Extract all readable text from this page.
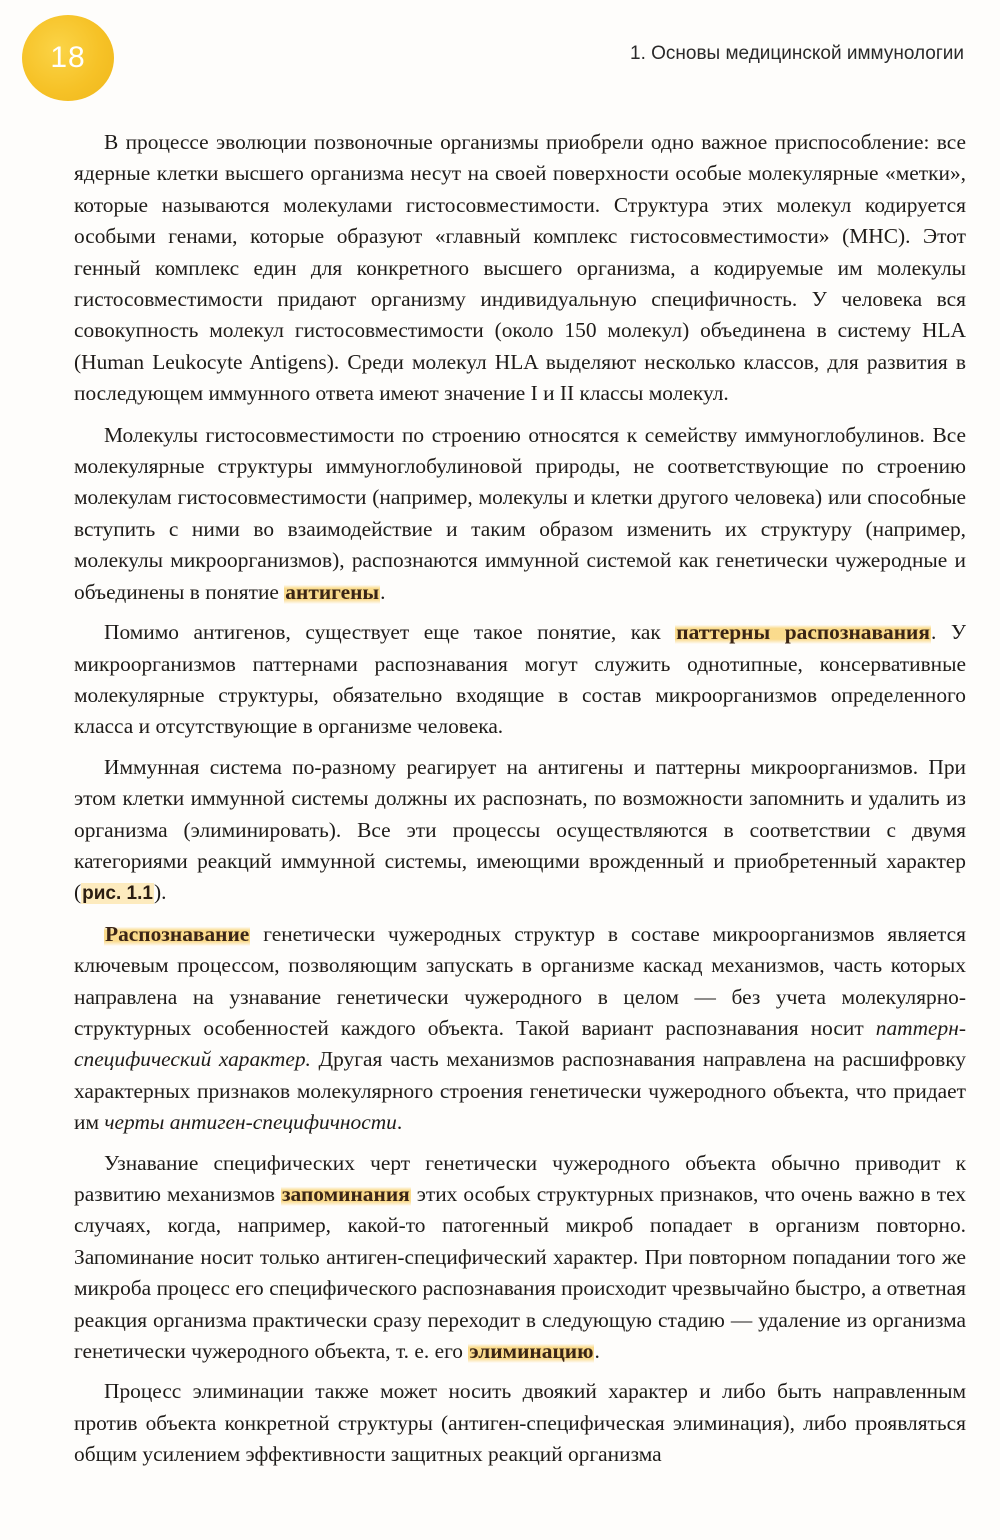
18	1. Основы медицинской иммунологии

В процессе эволюции позвоночные организмы приобрели одно важное приспособление: все ядерные клетки высшего организма несут на своей поверхности особые молекулярные «метки», которые называются молекулами гистосовместимости. Структура этих молекул кодируется особыми генами, которые образуют «главный комплекс гистосовместимости» (MHC). Этот генный комплекс един для конкретного высшего организма, а кодируемые им молекулы гистосовместимости придают организму индивидуальную специфичность. У человека вся совокупность молекул гистосовместимости (около 150 молекул) объединена в систему HLA (Human Leukocyte Antigens). Среди молекул HLA выделяют несколько классов, для развития в последующем иммунного ответа имеют значение I и II классы молекул.

Молекулы гистосовместимости по строению относятся к семейству иммуноглобулинов. Все молекулярные структуры иммуноглобулиновой природы, не соответствующие по строению молекулам гистосовместимости (например, молекулы и клетки другого человека) или способные вступить с ними во взаимодействие и таким образом изменить их структуру (например, молекулы микроорганизмов), распознаются иммунной системой как генетически чужеродные и объединены в понятие антигены.

Помимо антигенов, существует еще такое понятие, как паттерны распознавания. У микроорганизмов паттернами распознавания могут служить однотипные, консервативные молекулярные структуры, обязательно входящие в состав микроорганизмов определенного класса и отсутствующие в организме человека.

Иммунная система по-разному реагирует на антигены и паттерны микроорганизмов. При этом клетки иммунной системы должны их распознать, по возможности запомнить и удалить из организма (элиминировать). Все эти процессы осуществляются в соответствии с двумя категориями реакций иммунной системы, имеющими врожденный и приобретенный характер (рис. 1.1).

Распознавание генетически чужеродных структур в составе микроорганизмов является ключевым процессом, позволяющим запускать в организме каскад механизмов, часть которых направлена на узнавание генетически чужеродного в целом — без учета молекулярно-структурных особенностей каждого объекта. Такой вариант распознавания носит паттерн-специфический характер. Другая часть механизмов распознавания направлена на расшифровку характерных признаков молекулярного строения генетически чужеродного объекта, что придает им черты антиген-специфичности.

Узнавание специфических черт генетически чужеродного объекта обычно приводит к развитию механизмов запоминания этих особых структурных признаков, что очень важно в тех случаях, когда, например, какой-то патогенный микроб попадает в организм повторно. Запоминание носит только антиген-специфический характер. При повторном попадании того же микроба процесс его специфического распознавания происходит чрезвычайно быстро, а ответная реакция организма практически сразу переходит в следующую стадию — удаление из организма генетически чужеродного объекта, т. е. его элиминацию.

Процесс элиминации также может носить двоякий характер и либо быть направленным против объекта конкретной структуры (антиген-специфическая элиминация), либо проявляться общим усилением эффективности защитных реакций организма
